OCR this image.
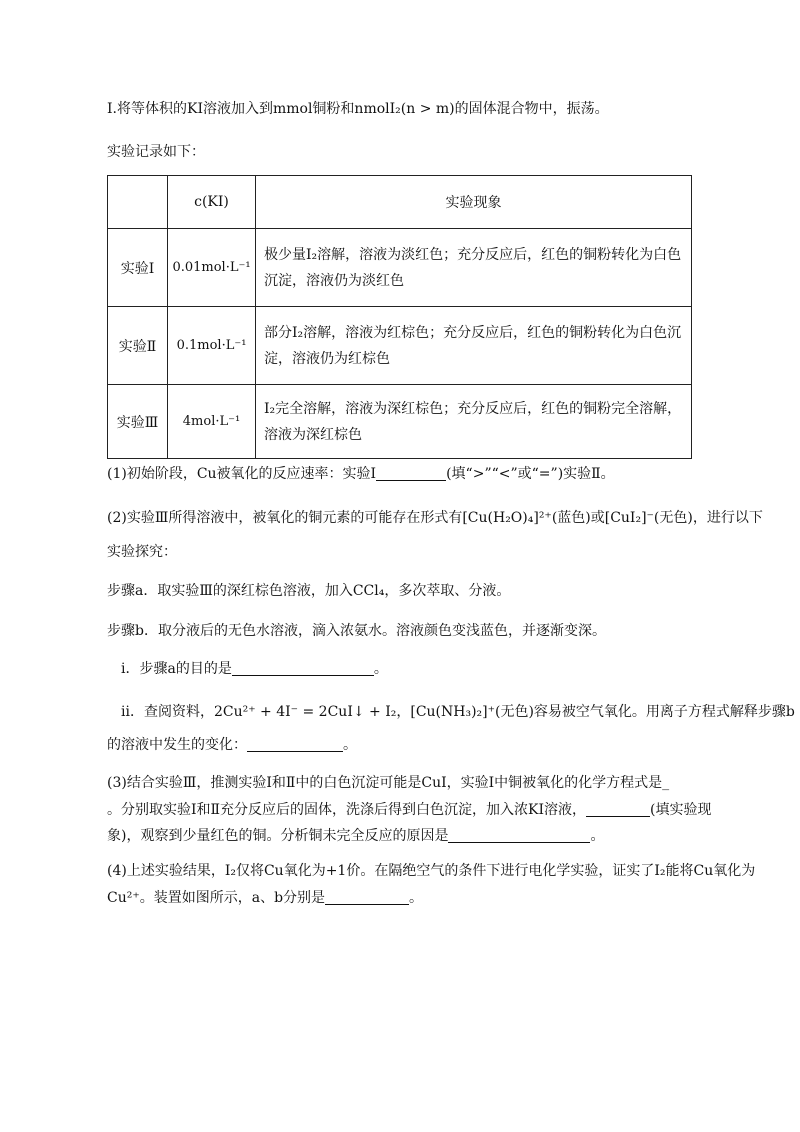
I.将等体积的KI溶液加入到mmol铜粉和nmolI₂(n > m)的固体混合物中，振荡。
实验记录如下：
	c(KI)	实验现象
实验Ⅰ	0.01mol·L⁻¹	极少量I₂溶解，溶液为淡红色；充分反应后，红色的铜粉转化为白色沉淀，溶液仍为淡红色
实验Ⅱ	0.1mol·L⁻¹	部分I₂溶解，溶液为红棕色；充分反应后，红色的铜粉转化为白色沉淀，溶液仍为红棕色
实验Ⅲ	4mol·L⁻¹	I₂完全溶解，溶液为深红棕色；充分反应后，红色的铜粉完全溶解，溶液为深红棕色
(1)初始阶段，Cu被氧化的反应速率：实验Ⅰ	(填“>”“<”或“=”)实验Ⅱ。
(2)实验Ⅲ所得溶液中，被氧化的铜元素的可能存在形式有[Cu(H₂O)₄]²⁺(蓝色)或[CuI₂]⁻(无色)，进行以下
实验探究：
步骤a．取实验Ⅲ的深红棕色溶液，加入CCl₄，多次萃取、分液。
步骤b．取分液后的无色水溶液，滴入浓氨水。溶液颜色变浅蓝色，并逐渐变深。
ⅰ．步骤a的目的是	。
ⅱ．查阅资料，2Cu²⁺ + 4I⁻ = 2CuI↓ + I₂，[Cu(NH₃)₂]⁺(无色)容易被空气氧化。用离子方程式解释步骤b
的溶液中发生的变化：	。
(3)结合实验Ⅲ，推测实验Ⅰ和Ⅱ中的白色沉淀可能是CuI，实验Ⅰ中铜被氧化的化学方程式是_
。分别取实验Ⅰ和Ⅱ充分反应后的固体，洗涤后得到白色沉淀，加入浓KI溶液，	(填实验现
象)，观察到少量红色的铜。分析铜未完全反应的原因是	。
(4)上述实验结果，I₂仅将Cu氧化为+1价。在隔绝空气的条件下进行电化学实验，证实了I₂能将Cu氧化为
Cu²⁺。装置如图所示，a、b分别是	。
